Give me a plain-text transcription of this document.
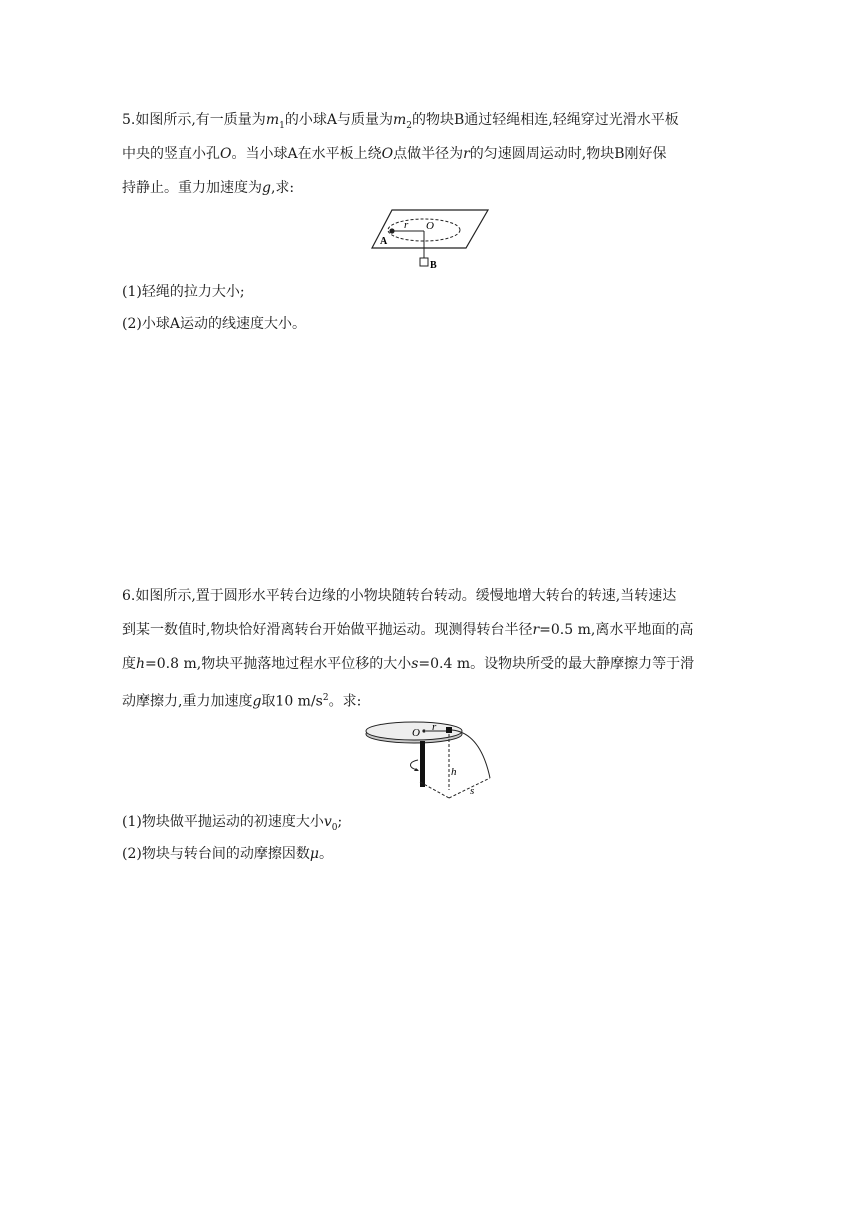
5.如图所示,有一质量为$m_1$的小球A与质量为$m_2$的物块B通过轻绳相连,轻绳穿过光滑水平板
中央的竖直小孔O。当小球A在水平板上绕O点做半径为r的匀速圆周运动时,物块B刚好保
持静止。重力加速度为g,求:
A
B
r O
(1)轻绳的拉力大小;
(2)小球A运动的线速度大小。
6.如图所示,置于圆形水平转台边缘的小物块随转台转动。缓慢地增大转台的转速,当转速达
到某一数值时,物块恰好滑离转台开始做平抛运动。现测得转台半径r=0.5 m,离水平地面的高
度h=0.8 m,物块平抛落地过程水平位移的大小s=0.4 m。设物块所受的最大静摩擦力等于滑
动摩擦力,重力加速度g取10 $m/s^2$。求:
O r
h
s
(1)物块做平抛运动的初速度大小$v_0$;
(2)物块与转台间的动摩擦因数μ。
